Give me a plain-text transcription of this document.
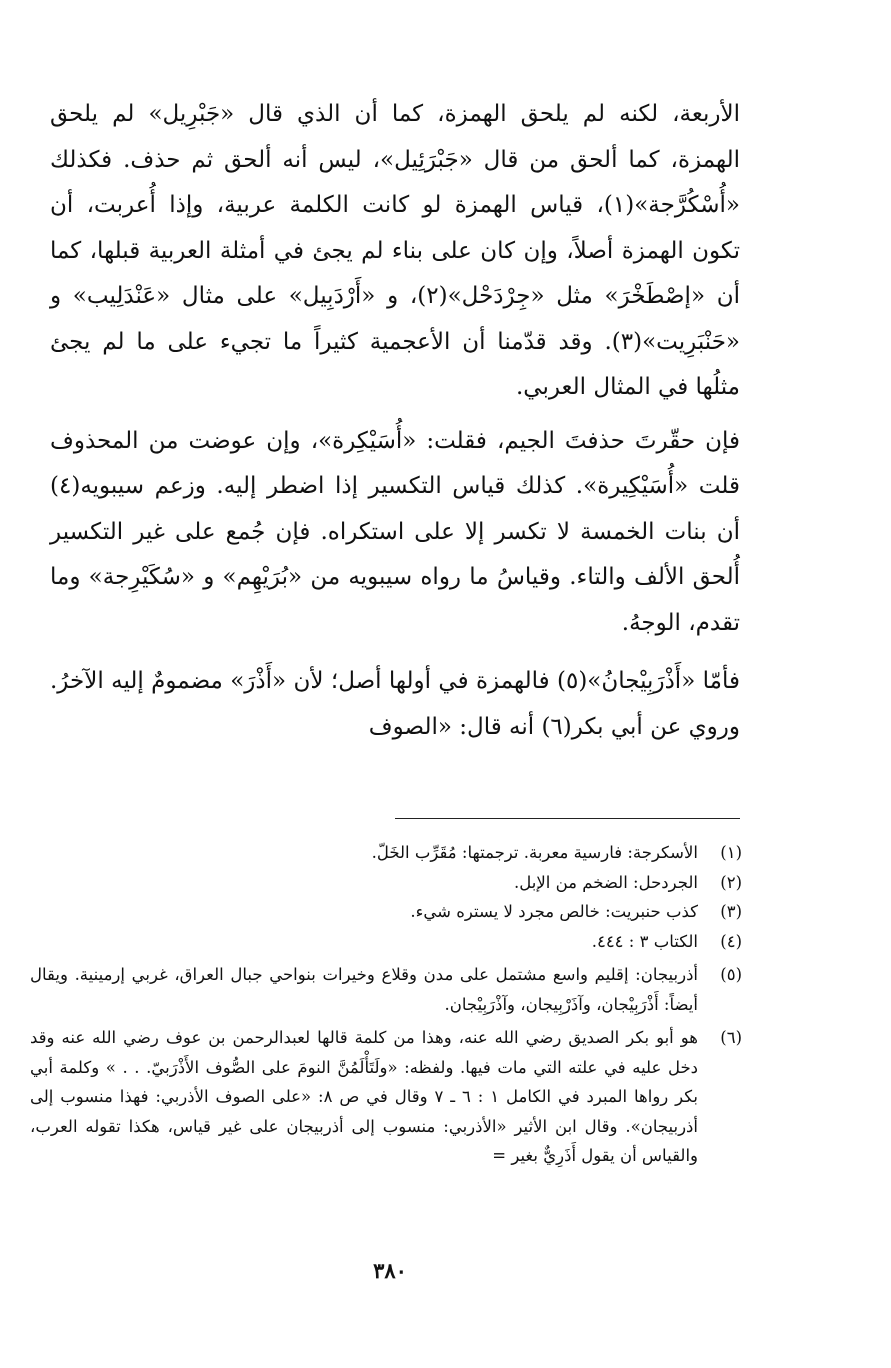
الأربعة، لكنه لم يلحق الهمزة، كما أن الذي قال «جَبْرِيل» لم يلحق الهمزة، كما ألحق من قال «جَبْرَئِيل»، ليس أنه ألحق ثم حذف. فكذلك «أُسْكُرَّجة»(١)، قياس الهمزة لو كانت الكلمة عربية، وإذا أُعربت، أن تكون الهمزة أصلاً، وإن كان على بناء لم يجئ في أمثلة العربية قبلها، كما أن «إصْطَخْرَ» مثل «جِرْدَحْل»(٢)، و «أَرْدَبِيل» على مثال «عَنْدَلِيب» و «حَنْبَرِيت»(٣). وقد قدّمنا أن الأعجمية كثيراً ما تجيء على ما لم يجئ مثلُها في المثال العربي.

فإن حقّرتَ حذفتَ الجيم، فقلت: «أُسَيْكِرة»، وإن عوضت من المحذوف قلت «أُسَيْكِيرة». كذلك قياس التكسير إذا اضطر إليه. وزعم سيبويه(٤) أن بنات الخمسة لا تكسر إلا على استكراه. فإن جُمع على غير التكسير أُلحق الألف والتاء. وقياسُ ما رواه سيبويه من «بُرَيْهِم» و «سُكَيْرِجة» وما تقدم، الوجهُ.

فأمّا «أَذْرَبِيْجانُ»(٥) فالهمزة في أولها أصل؛ لأن «أَذْرَ» مضمومٌ إليه الآخرُ. وروي عن أبي بكر(٦) أنه قال: «الصوف

(١)
الأسكرجة: فارسية معربة. ترجمتها: مُقَرِّب الخَلّ.
(٢)
الجردحل: الضخم من الإبل.
(٣)
كذب حنبريت: خالص مجرد لا يستره شيء.
(٤)
الكتاب ٣ : ٤٤٤.
(٥)
أذربيجان: إقليم واسع مشتمل على مدن وقلاع وخيرات بنواحي جبال العراق، غربي إرمينية. ويقال أيضاً: أَذْرَبِيْجان، وآذَرْبِيجان، وآذْرَبِيْجان.
(٦)
هو أبو بكر الصديق رضي الله عنه، وهذا من كلمة قالها لعبدالرحمن بن عوف رضي الله عنه وقد دخل عليه في علته التي مات فيها. ولفظه: «ولَتَأْلَمُنَّ النومَ على الصُّوف الأَذْرَبيّ. . . » وكلمة أبي بكر رواها المبرد في الكامل ١ : ٦ ـ ٧ وقال في ص ٨: «على الصوف الأذربي: فهذا منسوب إلى أذربيجان». وقال ابن الأثير «الأذربي: منسوب إلى أذربيجان على غير قياس، هكذا تقوله العرب، والقياس أن يقول أَذَرِيٌّ بغير =
٣٨٠
